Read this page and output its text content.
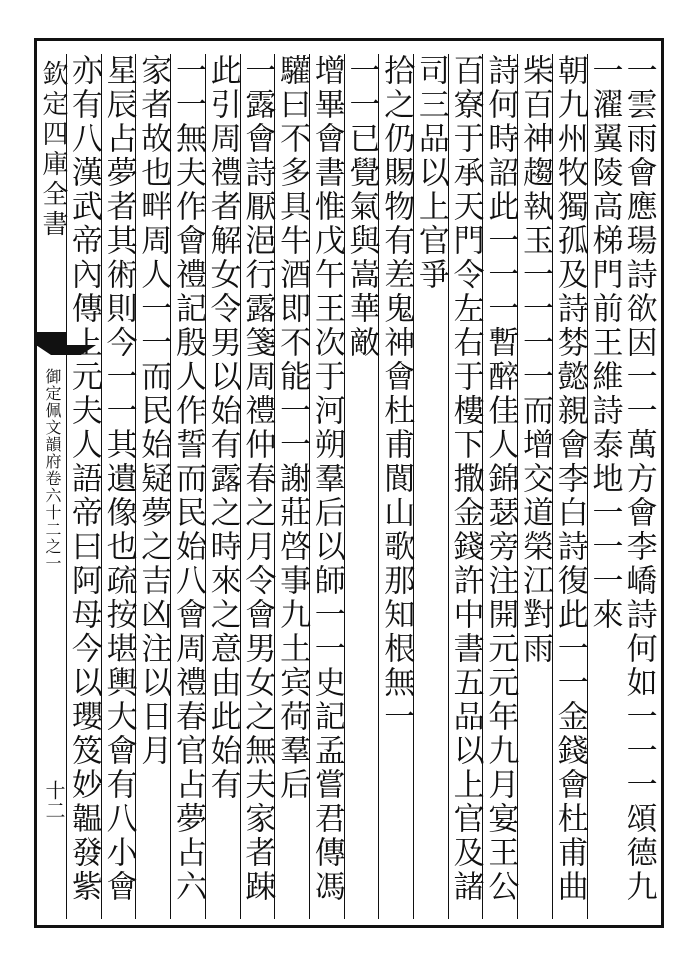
欽定四庫全書
御定佩文韻府卷六十二之一
十二	一雲雨會應瑒詩欲因一一萬方會李嶠詩何如一一一頌德九
一濯翼陵高梯門前王維詩泰地一一一來
朝九州牧獨孤及詩棼懿親會李白詩復此一一金錢會杜甫曲
柴百神趨執玉一一一一而增交道榮江對雨
詩何時詔此一一一暫醉佳人錦瑟旁注開元元年九月宴王公
百寮于承天門令左右于樓下撒金錢許中書五品以上官及諸
司三品以上官爭
拾之仍賜物有差鬼神會杜甫閬山歌那知根無一
一一已覺氣與嵩華敵
增畢會書惟戊午王次于河朔羣后以師一一史記孟嘗君傳馮
驩曰不多具牛酒即不能一一謝莊啓事九土宾荷羣后
一露會詩厭浥行露箋周禮仲春之月令會男女之無夫家者踈
此引周禮者解女令男以始有露之時來之意由此始有
一一無夫作會禮記殷人作誓而民始八會周禮春官占夢占六
家者故也畔周人一一而民始疑夢之吉凶注以日月
星辰占夢者其術則今一一其遺像也疏按堪輿大會有八小會
亦有八漢武帝內傳上元夫人語帝曰阿母今以瓔笈妙韞發紫
